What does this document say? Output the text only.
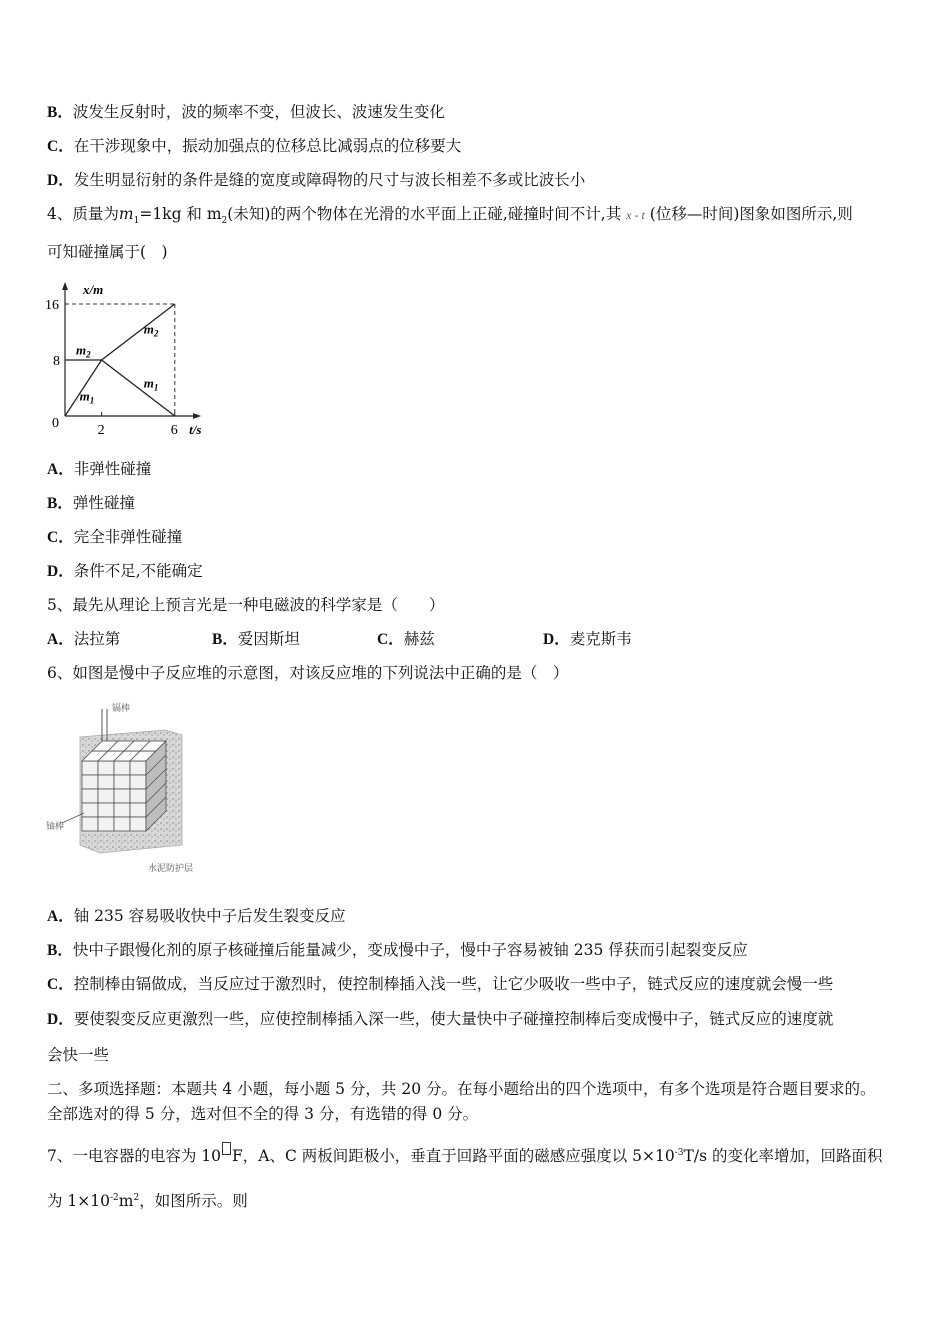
B．波发生反射时，波的频率不变，但波长、波速发生变化
C．在干涉现象中，振动加强点的位移总比减弱点的位移要大
D．发生明显衍射的条件是缝的宽度或障碍物的尺寸与波长相差不多或比波长小
4、质量为$m_1=1kg$ 和 $m_2$(未知)的两个物体在光滑的水平面上正碰,碰撞时间不计,其 x - t (位移—时间)图象如图所示,则
可知碰撞属于(　)
x/m
t/s
0	2	6
16
8
$m_1$
$m_2$
$m_2$
$m_1$
A．非弹性碰撞
B．弹性碰撞
C．完全非弹性碰撞
D．条件不足,不能确定
5、最先从理论上预言光是一种电磁波的科学家是（　　）
A．法拉第	B．爱因斯坦	C．赫兹	D．麦克斯韦
6、如图是慢中子反应堆的示意图，对该反应堆的下列说法中正确的是（　）
镉棒
铀棒
水泥防护层
A．铀 235 容易吸收快中子后发生裂变反应
B．快中子跟慢化剂的原子核碰撞后能量减少，变成慢中子，慢中子容易被铀 235 俘获而引起裂变反应
C．控制棒由镉做成，当反应过于激烈时，使控制棒插入浅一些，让它少吸收一些中子，链式反应的速度就会慢一些
D．要使裂变反应更激烈一些，应使控制棒插入深一些，使大量快中子碰撞控制棒后变成慢中子，链式反应的速度就
会快一些
二、多项选择题：本题共 4 小题，每小题 5 分，共 20 分。在每小题给出的四个选项中，有多个选项是符合题目要求的。
全部选对的得 5 分，选对但不全的得 3 分，有选错的得 0 分。
7、一电容器的电容为 10 F，A、C 两板间距极小，垂直于回路平面的磁感应强度以 $5\times 10^{-3}T/s$ 的变化率增加，回路面积
为 $1\times 10^{-2}m^2$，如图所示。则
